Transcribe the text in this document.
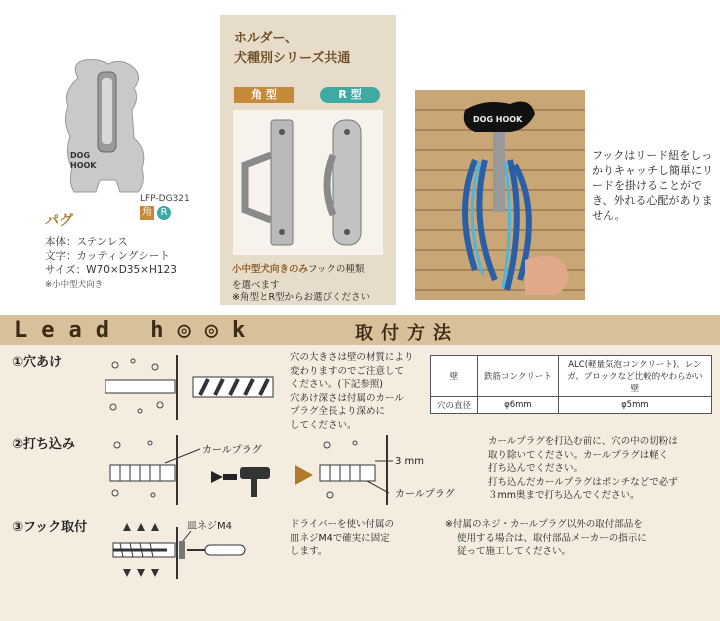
DOG
HOOK
LFP-DG321
角 R
パグ
本体：ステンレス
文字：カッティングシート
サイズ：W70×D35×H123
※小中型犬向き
ホルダー、
犬種別シリーズ共通
角 型	R 型
小中型犬向きのみフックの種類
を選べます
※角型とR型からお選びください
DOG HOOK
フックはリード紐をしっかりキャッチし簡単にリードを掛けることができ、外れる心配がありません。
Lead h◎◎k	取付方法
①穴あけ	穴の大きさは壁の材質により
変わりますのでご注意して
ください。(下記参照)
穴あけ深さは付属のカール
プラグ全長より深めに
してください。
壁	鉄筋コンクリート	ALC(軽量気泡コンクリート)、レンガ、ブロックなど比較的やわらかい壁
穴の直径	φ6mm	φ5mm
②打ち込み	カールプラグ
3 mm
カールプラグ
カールプラグを打込む前に、穴の中の切粉は
取り除いてください。カールプラグは軽く
打ち込んでください。
打ち込んだカールプラグはポンチなどで必ず
３mm奥まで打ち込んでください。
③フック取付	皿ネジM4	ドライバーを使い付属の
皿ネジM4で確実に固定
します。
※付属のネジ・カールプラグ以外の取付部品を
使用する場合は、取付部品メーカーの指示に
従って施工してください。
